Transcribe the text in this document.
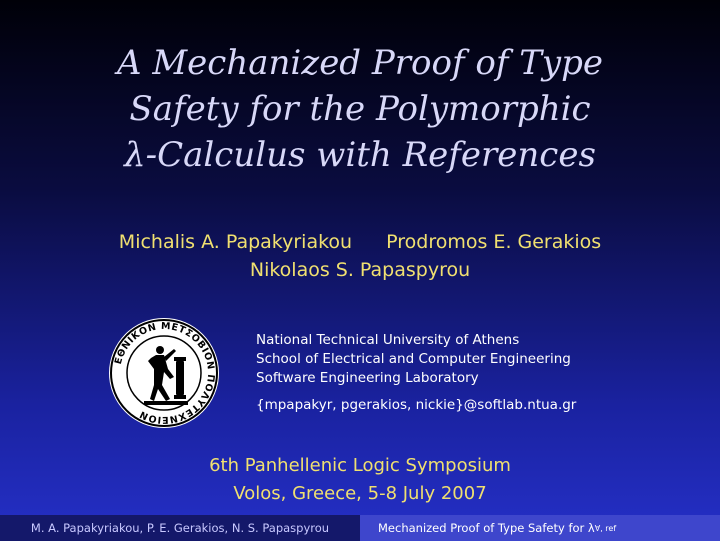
A Mechanized Proof of Type
Safety for the Polymorphic
λ-Calculus with References
Michalis A. Papakyriakou Prodromos E. Gerakios
Nikolaos S. Papaspyrou
ΕΘΝΙΚΟΝ ΜΕΤΣΟΒΙΟΝ ΠΟΛΥΤΕΧΝΕΙΟΝ
National Technical University of Athens
School of Electrical and Computer Engineering
Software Engineering Laboratory
{mpapakyr, pgerakios, nickie}@softlab.ntua.gr
6th Panhellenic Logic Symposium
Volos, Greece, 5-8 July 2007
M. A. Papakyriakou, P. E. Gerakios, N. S. Papaspyrou	Mechanized Proof of Type Safety for λ ∀, ref
